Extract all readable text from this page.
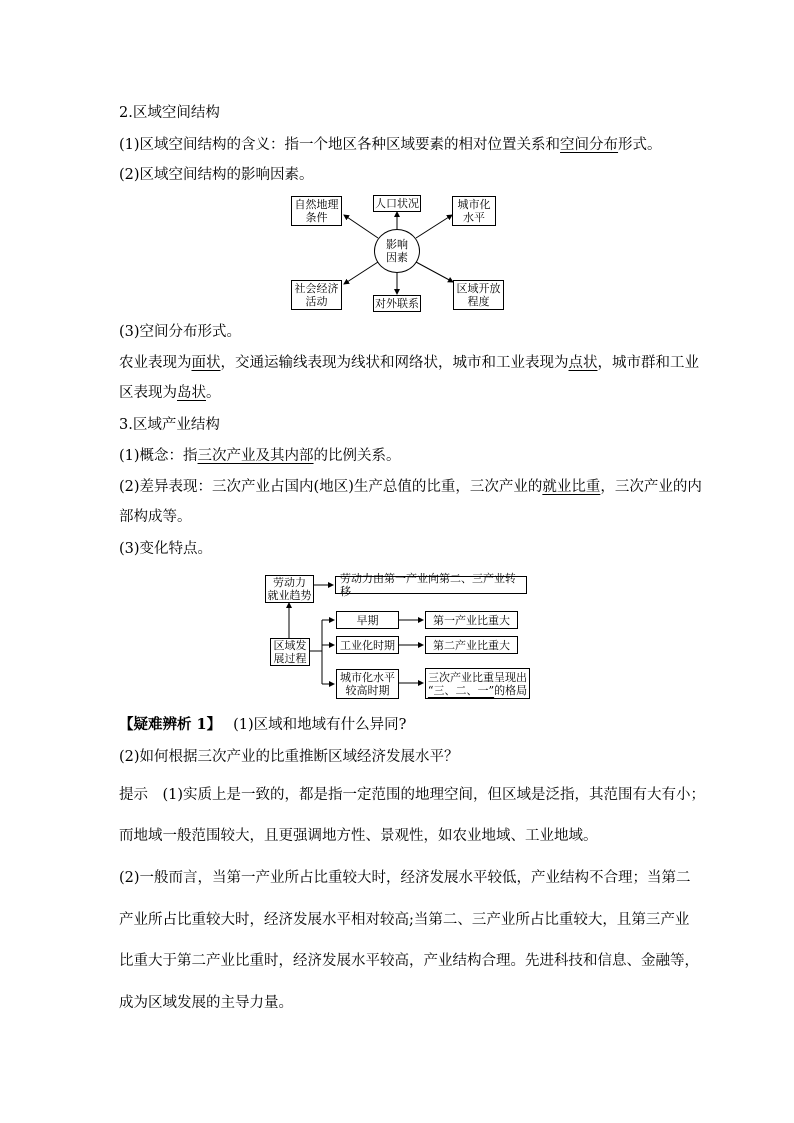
2.区域空间结构
(1)区域空间结构的含义：指一个地区各种区域要素的相对位置关系和空间分布形式。
(2)区域空间结构的影响因素。
自然地理
条件
人口状况	城市化
水平
影响
因素
社会经济
活动	对外联系
区域开放
程度
(3)空间分布形式。
农业表现为面状，交通运输线表现为线状和网络状，城市和工业表现为点状，城市群和工业
区表现为岛状。
3.区域产业结构
(1)概念：指三次产业及其内部的比例关系。
(2)差异表现：三次产业占国内(地区)生产总值的比重，三次产业的就业比重，三次产业的内
部构成等。
(3)变化特点。
劳动力
就业趋势
劳动力由第一产业向第二、三产业转移
区域发
展过程
早期
工业化时期
城市化水平
较高时期
第一产业比重大
第二产业比重大
三次产业比重呈现出
“三、二、一”的格局
【疑难辨析 1】 (1)区域和地域有什么异同?
(2)如何根据三次产业的比重推断区域经济发展水平？
提示　(1)实质上是一致的，都是指一定范围的地理空间，但区域是泛指，其范围有大有小；
而地域一般范围较大，且更强调地方性、景观性，如农业地域、工业地域。
(2)一般而言，当第一产业所占比重较大时，经济发展水平较低，产业结构不合理；当第二
产业所占比重较大时，经济发展水平相对较高;当第二、三产业所占比重较大，且第三产业
比重大于第二产业比重时，经济发展水平较高，产业结构合理。先进科技和信息、金融等，
成为区域发展的主导力量。
